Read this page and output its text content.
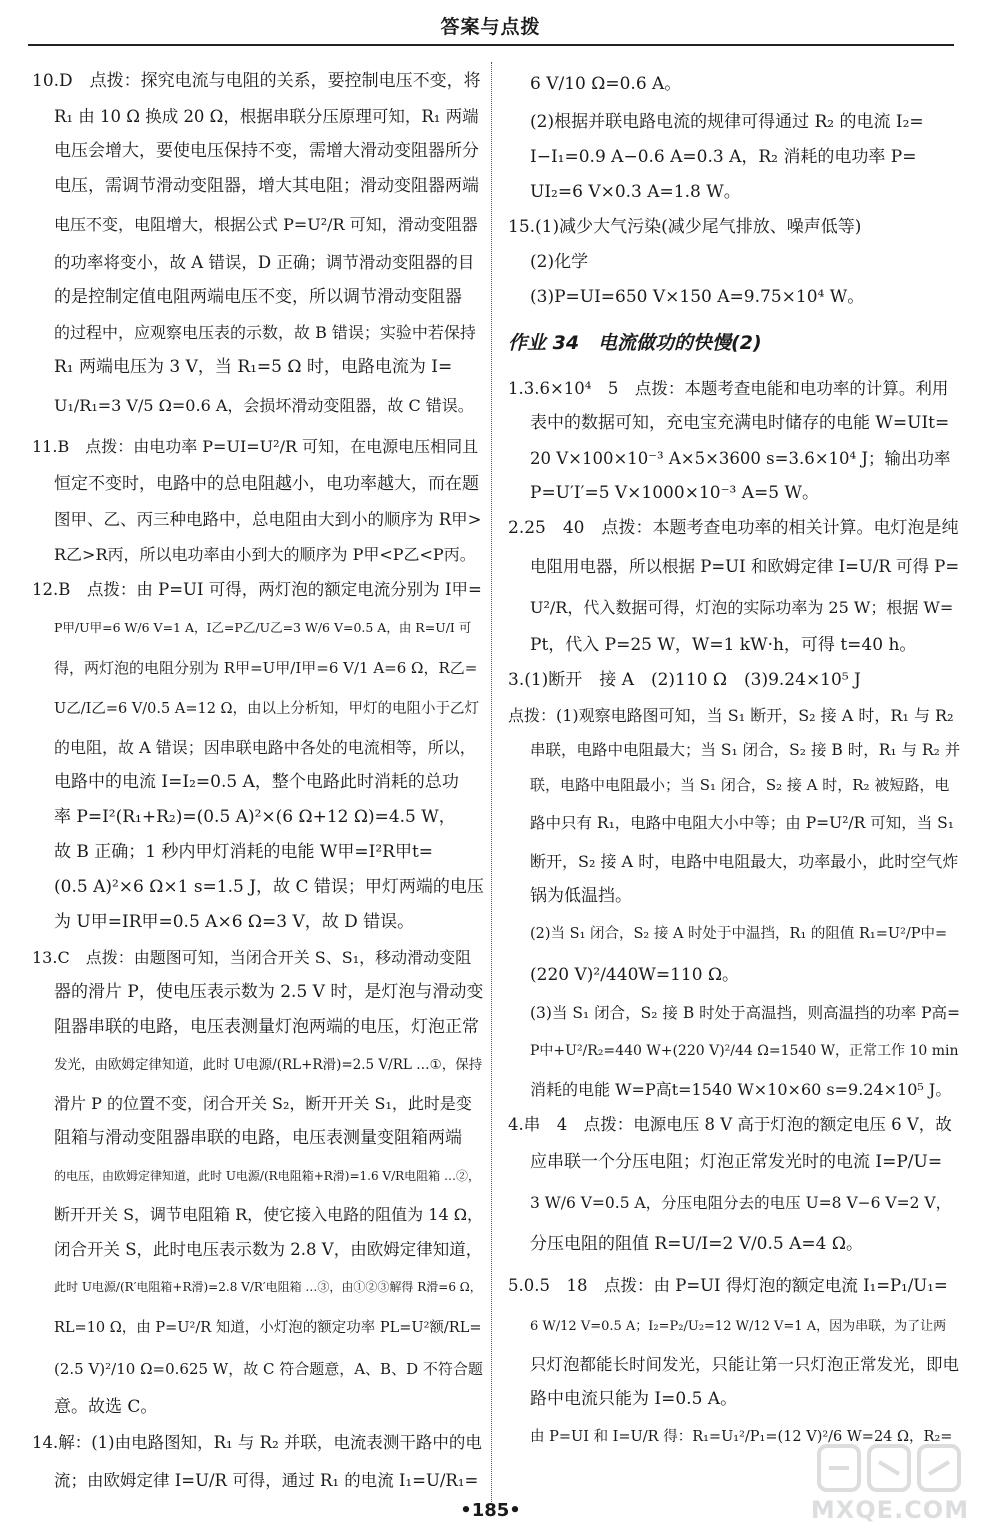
答案与点拨
10.D　点拨：探究电流与电阻的关系，要控制电压不变，将
R₁ 由 10 Ω 换成 20 Ω，根据串联分压原理可知，R₁ 两端
电压会增大，要使电压保持不变，需增大滑动变阻器所分
电压，需调节滑动变阻器，增大其电阻；滑动变阻器两端
电压不变，电阻增大，根据公式 P=U²/R 可知，滑动变阻器
的功率将变小，故 A 错误，D 正确；调节滑动变阻器的目
的是控制定值电阻两端电压不变，所以调节滑动变阻器
的过程中，应观察电压表的示数，故 B 错误；实验中若保持
R₁ 两端电压为 3 V，当 R₁=5 Ω 时，电路电流为 I=
U₁/R₁=3 V/5 Ω=0.6 A，会损坏滑动变阻器，故 C 错误。
11.B　点拨：由电功率 P=UI=U²/R 可知，在电源电压相同且
恒定不变时，电路中的总电阻越小，电功率越大，而在题
图甲、乙、丙三种电路中，总电阻由大到小的顺序为 R甲>
R乙>R丙，所以电功率由小到大的顺序为 P甲<P乙<P丙。
12.B　点拨：由 P=UI 可得，两灯泡的额定电流分别为 I甲=
P甲/U甲=6 W/6 V=1 A，I乙=P乙/U乙=3 W/6 V=0.5 A，由 R=U/I 可
得，两灯泡的电阻分别为 R甲=U甲/I甲=6 V/1 A=6 Ω，R乙=
U乙/I乙=6 V/0.5 A=12 Ω，由以上分析知，甲灯的电阻小于乙灯
的电阻，故 A 错误；因串联电路中各处的电流相等，所以，
电路中的电流 I=I₂=0.5 A，整个电路此时消耗的总功
率 P=I²(R₁+R₂)=(0.5 A)²×(6 Ω+12 Ω)=4.5 W，
故 B 正确；1 秒内甲灯消耗的电能 W甲=I²R甲t=
(0.5 A)²×6 Ω×1 s=1.5 J，故 C 错误；甲灯两端的电压
为 U甲=IR甲=0.5 A×6 Ω=3 V，故 D 错误。
13.C　点拨：由题图可知，当闭合开关 S、S₁，移动滑动变阻
器的滑片 P，使电压表示数为 2.5 V 时，是灯泡与滑动变
阻器串联的电路，电压表测量灯泡两端的电压，灯泡正常
发光，由欧姆定律知道，此时 U电源/(RL+R滑)=2.5 V/RL …①，保持
滑片 P 的位置不变，闭合开关 S₂，断开开关 S₁，此时是变
阻箱与滑动变阻器串联的电路，电压表测量变阻箱两端
的电压，由欧姆定律知道，此时 U电源/(R电阻箱+R滑)=1.6 V/R电阻箱 …②，
断开开关 S，调节电阻箱 R，使它接入电路的阻值为 14 Ω，
闭合开关 S，此时电压表示数为 2.8 V，由欧姆定律知道，
此时 U电源/(R′电阻箱+R滑)=2.8 V/R′电阻箱 …③，由①②③解得 R滑=6 Ω，
RL=10 Ω，由 P=U²/R 知道，小灯泡的额定功率 PL=U²额/RL=
(2.5 V)²/10 Ω=0.625 W，故 C 符合题意，A、B、D 不符合题
意。故选 C。
14.解：(1)由电路图知，R₁ 与 R₂ 并联，电流表测干路中的电
流；由欧姆定律 I=U/R 可得，通过 R₁ 的电流 I₁=U/R₁=
6 V/10 Ω=0.6 A。
(2)根据并联电路电流的规律可得通过 R₂ 的电流 I₂=
I−I₁=0.9 A−0.6 A=0.3 A，R₂ 消耗的电功率 P=
UI₂=6 V×0.3 A=1.8 W。
15.(1)减少大气污染(减少尾气排放、噪声低等)
(2)化学
(3)P=UI=650 V×150 A=9.75×10⁴ W。
作业 34　电流做功的快慢(2)
1.3.6×10⁴　5　点拨：本题考查电能和电功率的计算。利用
表中的数据可知，充电宝充满电时储存的电能 W=UIt=
20 V×100×10⁻³ A×5×3600 s=3.6×10⁴ J；输出功率
P=U′I′=5 V×1000×10⁻³ A=5 W。
2.25　40　点拨：本题考查电功率的相关计算。电灯泡是纯
电阻用电器，所以根据 P=UI 和欧姆定律 I=U/R 可得 P=
U²/R，代入数据可得，灯泡的实际功率为 25 W；根据 W=
Pt，代入 P=25 W，W=1 kW·h，可得 t=40 h。
3.(1)断开　接 A　(2)110 Ω　(3)9.24×10⁵ J
点拨：(1)观察电路图可知，当 S₁ 断开，S₂ 接 A 时，R₁ 与 R₂
串联，电路中电阻最大；当 S₁ 闭合，S₂ 接 B 时，R₁ 与 R₂ 并
联，电路中电阻最小；当 S₁ 闭合，S₂ 接 A 时，R₂ 被短路，电
路中只有 R₁，电路中电阻大小中等；由 P=U²/R 可知，当 S₁
断开，S₂ 接 A 时，电路中电阻最大，功率最小，此时空气炸
锅为低温挡。
(2)当 S₁ 闭合，S₂ 接 A 时处于中温挡，R₁ 的阻值 R₁=U²/P中=
(220 V)²/440W=110 Ω。
(3)当 S₁ 闭合，S₂ 接 B 时处于高温挡，则高温挡的功率 P高=
P中+U²/R₂=440 W+(220 V)²/44 Ω=1540 W，正常工作 10 min
消耗的电能 W=P高t=1540 W×10×60 s=9.24×10⁵ J。
4.串　4　点拨：电源电压 8 V 高于灯泡的额定电压 6 V，故
应串联一个分压电阻；灯泡正常发光时的电流 I=P/U=
3 W/6 V=0.5 A，分压电阻分去的电压 U=8 V−6 V=2 V，
分压电阻的阻值 R=U/I=2 V/0.5 A=4 Ω。
5.0.5　18　点拨：由 P=UI 得灯泡的额定电流 I₁=P₁/U₁=
6 W/12 V=0.5 A；I₂=P₂/U₂=12 W/12 V=1 A，因为串联，为了让两
只灯泡都能长时间发光，只能让第一只灯泡正常发光，即电
路中电流只能为 I=0.5 A。
由 P=UI 和 I=U/R 得：R₁=U₁²/P₁=(12 V)²/6 W=24 Ω，R₂=
•185•	MXQE.COM
